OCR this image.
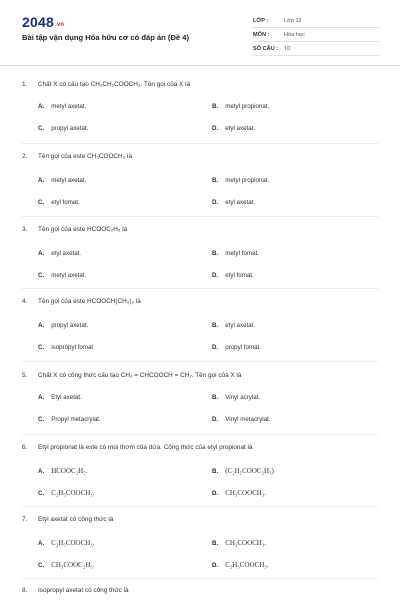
2048.vn
Bài tập vận dụng Hóa hữu cơ có đáp án (Đề 4)
LỚP :	Lớp 12
MÔN :	Hóa học
SỐ CÂU : 10
1. Chất X có cấu tạo CH₃CH₂COOCH₃. Tên gọi của X là
A. metyl axetat.	B. metyl propionat.
C. propyl axetat.	D. etyl axetat.
2. Tên gọi của este CH₃COOCH₃ là
A. metyl axetat.	B. metyl propionat.
C. etyl fomat.	D. etyl axetat.
3. Tên gọi của este HCOOC₂H₅ là
A. etyl axetat.	B. metyl fomat.
C. metyl axetat.	D. etyl fomat.
4. Tên gọi của este HCOOCH(CH₃)₂ là
A. propyl axetat.	B. etyl axetat.
C. isopropyl fomat	D. propyl fomat.
5. Chất X có công thức cấu tạo CH₂ = CHCOOCH = CH₂. Tên gọi của X là
A. Etyl axetat.	B. Vinyl acrylat.
C. Propyl metacrylat.	D. Vinyl metacrylat.
6. Etyl propionat là este có mùi thơm của dứa. Công thức của etyl propionat là
A. HCOOC₂H₅.	B. (C₂H₅COOC₂H₅)
C. C₂H₅COOCH₃.	D. CH₃COOCH₃.
7. Etyl axetat có công thức là
A. C₂H₅COOCH₃.	B. CH₃COOCH₃.
C. CH₃COOC₂H₅.	D. C₂H₅COOCH₃.
8. Isopropyl axetat có công thức là
